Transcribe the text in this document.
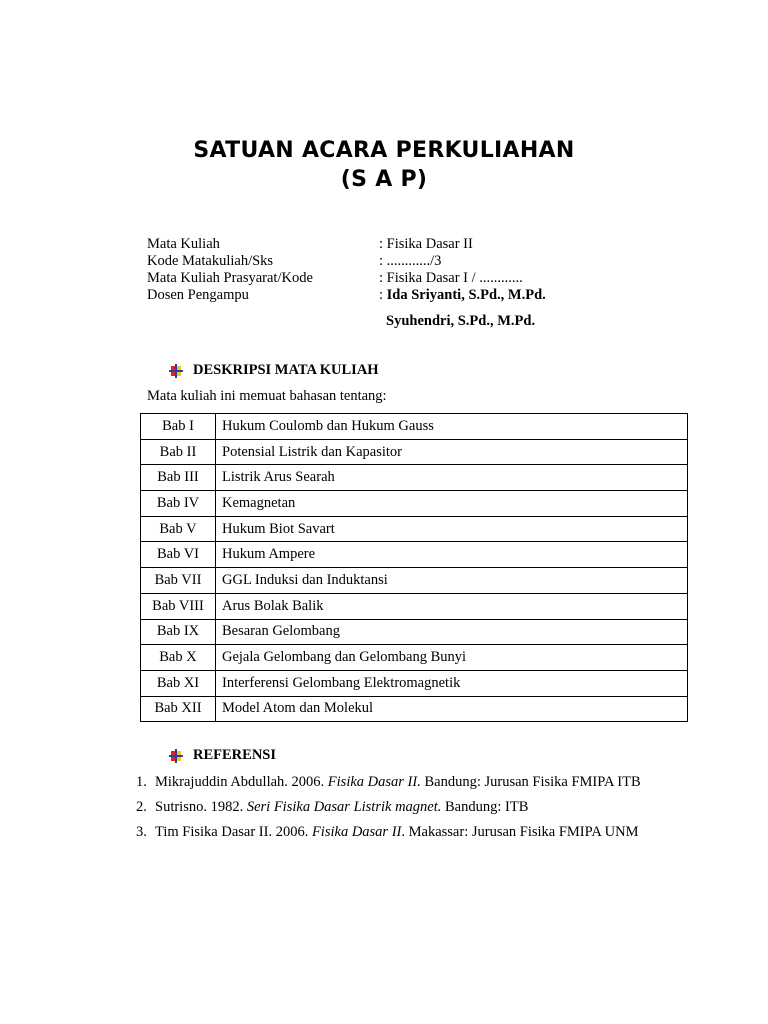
SATUAN ACARA PERKULIAHAN
(S A P)
Mata Kuliah	: Fisika Dasar II
Kode Matakuliah/Sks	: ............/3
Mata Kuliah Prasyarat/Kode	: Fisika Dasar I / ............
Dosen Pengampu	: Ida Sriyanti, S.Pd., M.Pd.
Syuhendri, S.Pd., M.Pd.
DESKRIPSI MATA KULIAH
Mata kuliah ini memuat bahasan tentang:
Bab I	Hukum Coulomb dan Hukum Gauss
Bab II	Potensial Listrik dan Kapasitor
Bab III	Listrik Arus Searah
Bab IV	Kemagnetan
Bab V	Hukum Biot Savart
Bab VI	Hukum Ampere
Bab VII	GGL Induksi dan Induktansi
Bab VIII	Arus Bolak Balik
Bab IX	Besaran Gelombang
Bab X	Gejala Gelombang dan Gelombang Bunyi
Bab XI	Interferensi Gelombang Elektromagnetik
Bab XII	Model Atom dan Molekul
REFERENSI
1. Mikrajuddin Abdullah. 2006. Fisika Dasar II. Bandung: Jurusan Fisika FMIPA ITB
2. Sutrisno. 1982. Seri Fisika Dasar Listrik magnet. Bandung: ITB
3. Tim Fisika Dasar II. 2006. Fisika Dasar II. Makassar: Jurusan Fisika FMIPA UNM
